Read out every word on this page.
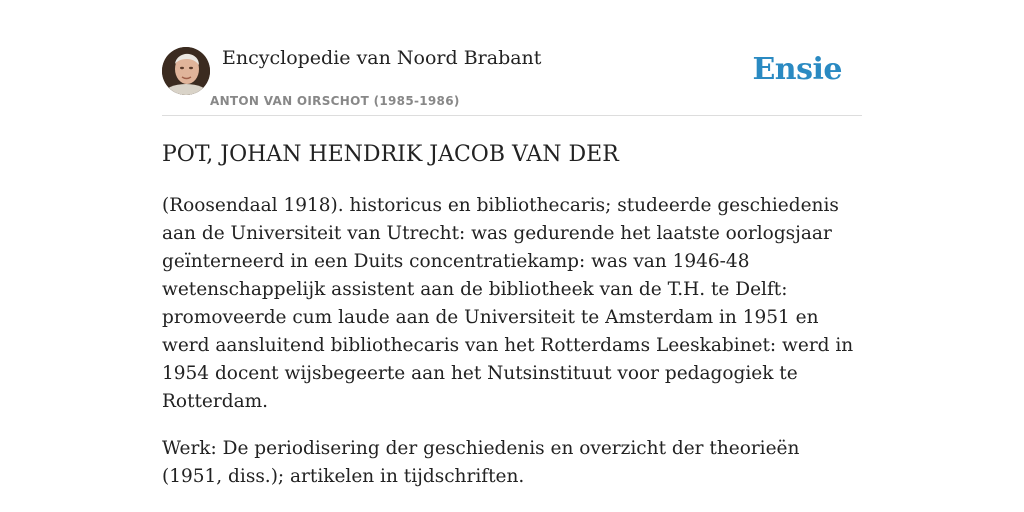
Encyclopedie van Noord Brabant
ANTON VAN OIRSCHOT (1985-1986)
Ensie
POT, JOHAN HENDRIK JACOB VAN DER

(Roosendaal 1918). historicus en bibliothecaris; studeerde geschiedenis aan de Universiteit van Utrecht: was gedurende het laatste oorlogsjaar geïnterneerd in een Duits concentratiekamp: was van 1946-48 wetenschappelijk assistent aan de bibliotheek van de T.H. te Delft: promoveerde cum laude aan de Universiteit te Amsterdam in 1951 en werd aansluitend bibliothecaris van het Rotterdams Leeskabinet: werd in 1954 docent wijsbegeerte aan het Nutsinstituut voor pedagogiek te Rotterdam.

Werk: De periodisering der geschiedenis en overzicht der theorieën (1951, diss.); artikelen in tijdschriften.
